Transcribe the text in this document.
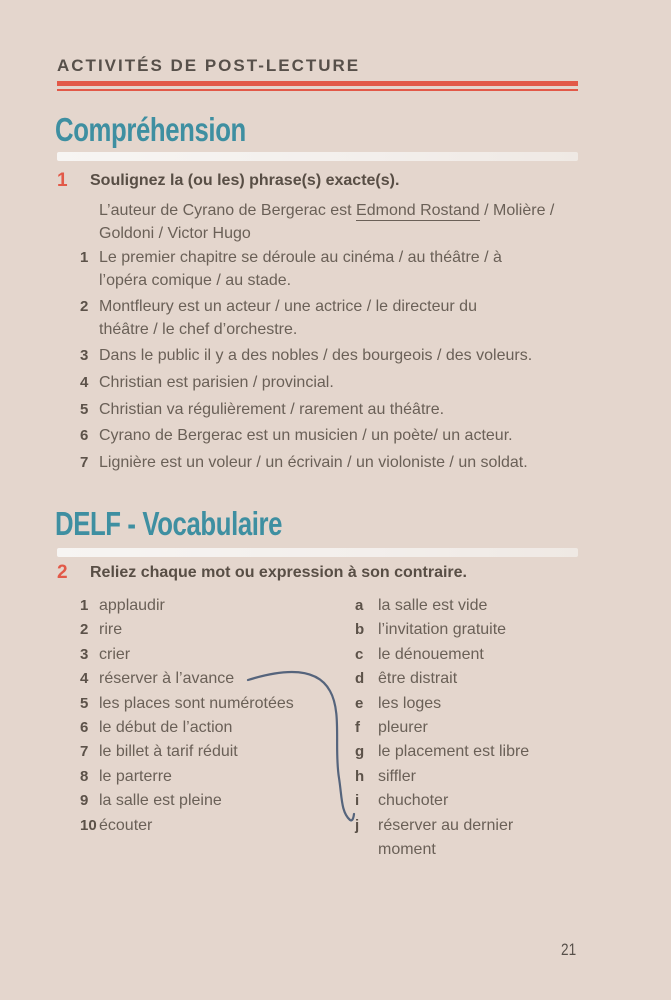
ACTIVITÉS DE POST-LECTURE
Compréhension
1	Soulignez la (ou les) phrase(s) exacte(s).
L’auteur de Cyrano de Bergerac est Edmond Rostand / Molière /
Goldoni / Victor Hugo
1 Le premier chapitre se déroule au cinéma / au théâtre / à
l’opéra comique / au stade.
2 Montfleury est un acteur / une actrice / le directeur du
théâtre / le chef d’orchestre.
3 Dans le public il y a des nobles / des bourgeois / des voleurs.
4 Christian est parisien / provincial.
5 Christian va régulièrement / rarement au théâtre.
6 Cyrano de Bergerac est un musicien / un poète/ un acteur.
7 Lignière est un voleur / un écrivain / un violoniste / un soldat.
DELF - Vocabulaire
2	Reliez chaque mot ou expression à son contraire.
1 applaudir
2 rire
3 crier
4 réserver à l’avance
5 les places sont numérotées
6 le début de l’action
7 le billet à tarif réduit
8 le parterre
9 la salle est pleine
10 écouter
a la salle est vide
b l’invitation gratuite
c le dénouement
d être distrait
e les loges
f	pleurer
g le placement est libre
h siffler
i	chuchoter
j	réserver au dernier
moment
21
